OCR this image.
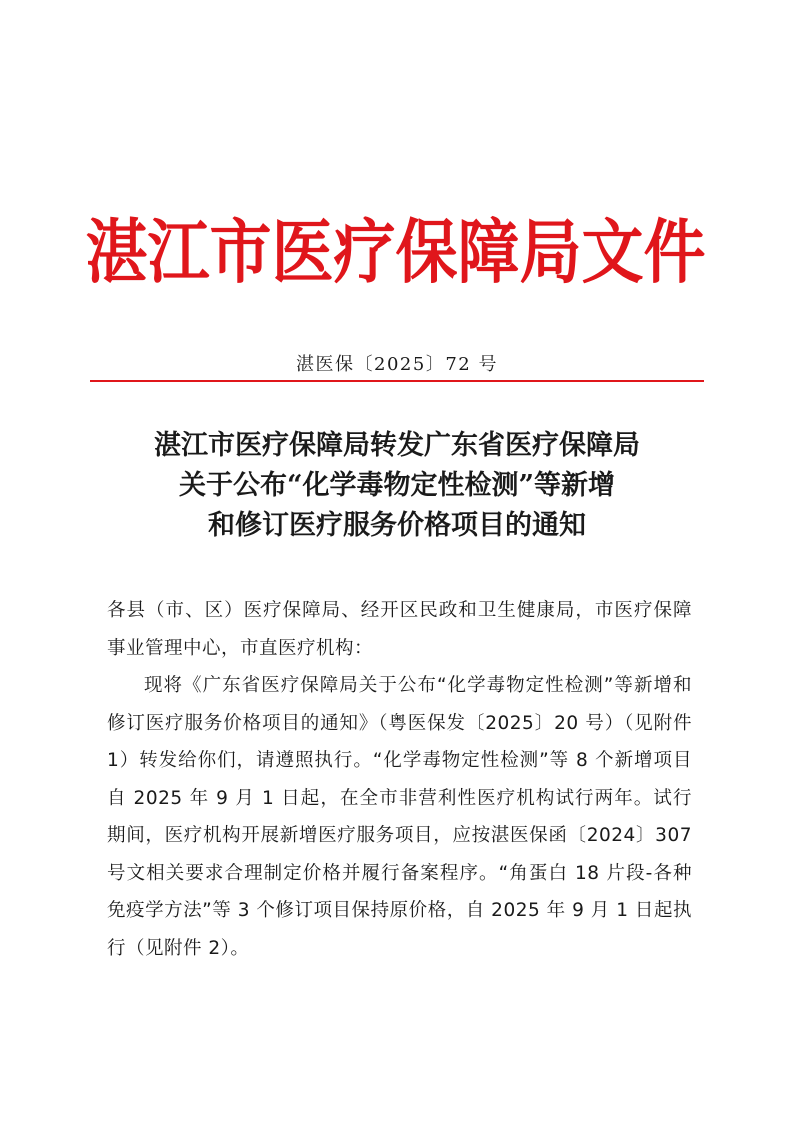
湛江市医疗保障局文件
湛医保〔2025〕72 号
湛江市医疗保障局转发广东省医疗保障局
关于公布“化学毒物定性检测”等新增
和修订医疗服务价格项目的通知

各县（市、区）医疗保障局、经开区民政和卫生健康局，市医疗保障事业管理中心，市直医疗机构：

现将《广东省医疗保障局关于公布“化学毒物定性检测”等新增和修订医疗服务价格项目的通知》（粤医保发〔2025〕20 号）（见附件 1）转发给你们，请遵照执行。“化学毒物定性检测”等 8 个新增项目自 2025 年 9 月 1 日起，在全市非营利性医疗机构试行两年。试行期间，医疗机构开展新增医疗服务项目，应按湛医保函〔2024〕307 号文相关要求合理制定价格并履行备案程序。“角蛋白 18 片段-各种免疫学方法”等 3 个修订项目保持原价格，自 2025 年 9 月 1 日起执行（见附件 2）。
